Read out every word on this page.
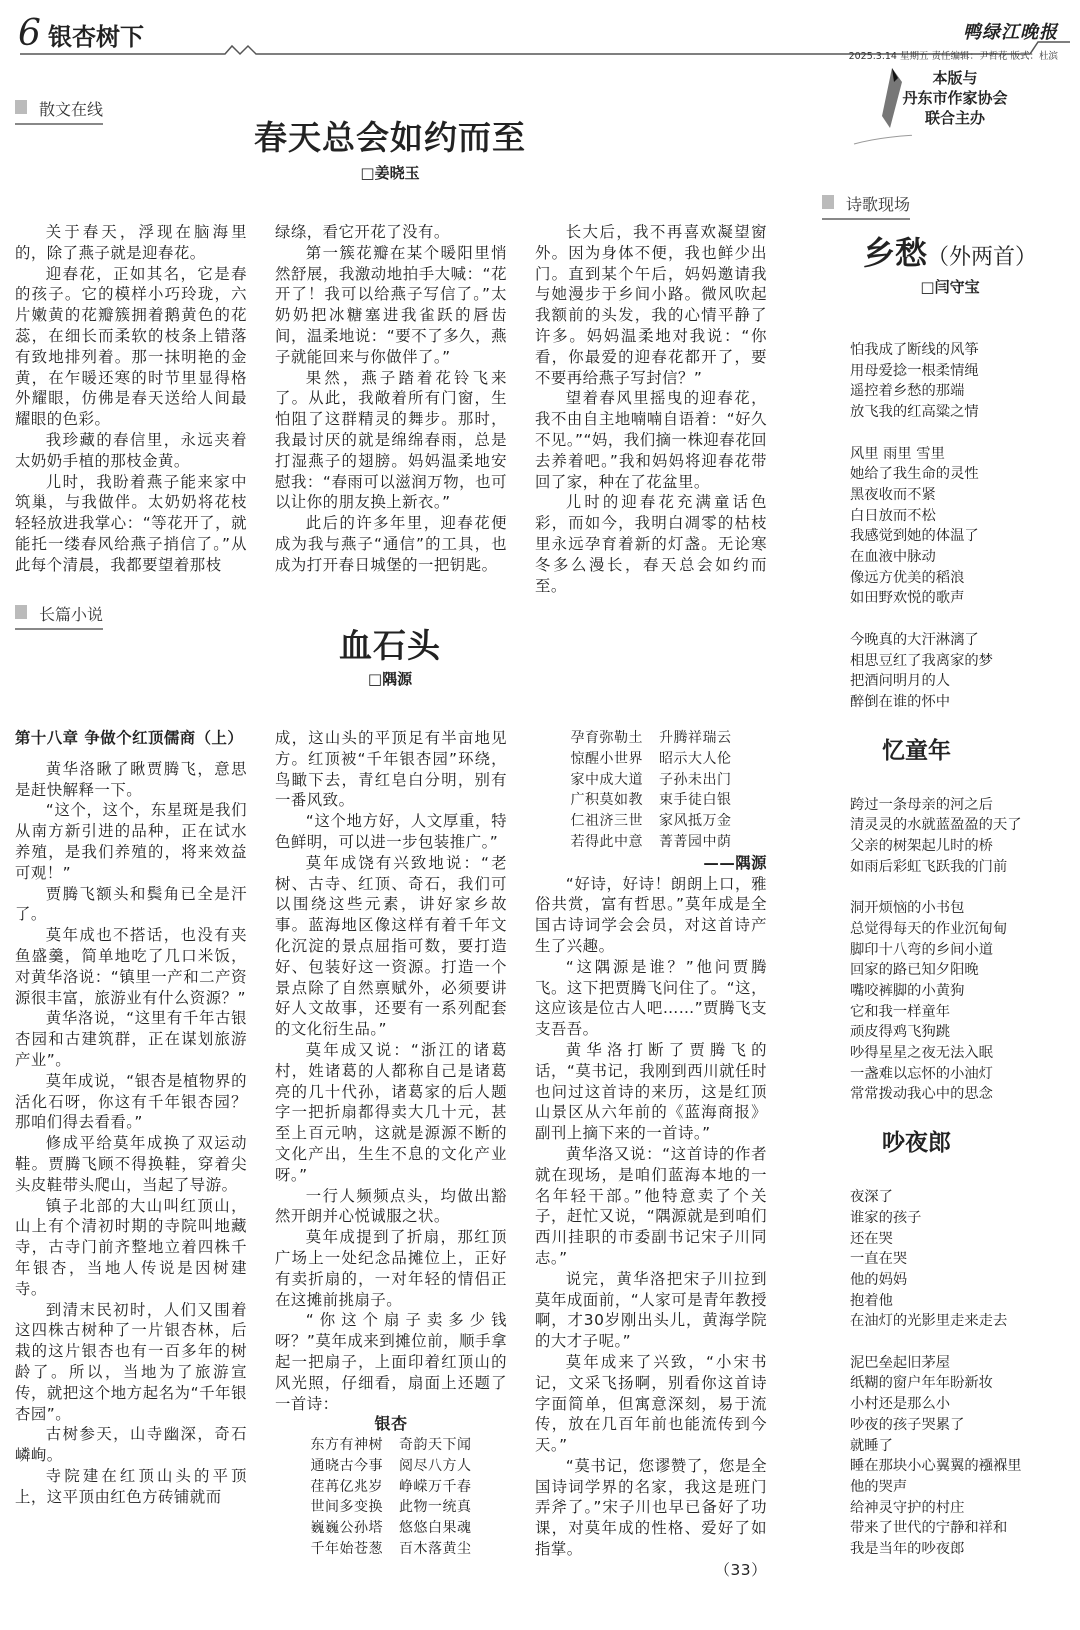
6 银杏树下	鸭绿江晚报
2025.3.14 星期五 责任编辑：尹哲花 版式：杜滨
本版与
丹东市作家协会
联合主办
散文在线
春天总会如约而至
□姜晓玉

关于春天，浮现在脑海里的，除了燕子就是迎春花。

迎春花，正如其名，它是春的孩子。它的模样小巧玲珑，六片嫩黄的花瓣簇拥着鹅黄色的花蕊，在细长而柔软的枝条上错落有致地排列着。那一抹明艳的金黄，在乍暖还寒的时节里显得格外耀眼，仿佛是春天送给人间最耀眼的色彩。

我珍藏的春信里，永远夹着太奶奶手植的那枝金黄。

儿时，我盼着燕子能来家中筑巢，与我做伴。太奶奶将花枝轻轻放进我掌心：“等花开了，就能托一缕春风给燕子捎信了。”从此每个清晨，我都要望着那枝

绿绦，看它开花了没有。

第一簇花瓣在某个暖阳里悄然舒展，我激动地拍手大喊：“花开了！我可以给燕子写信了。”太奶奶把冰糖塞进我雀跃的唇齿间，温柔地说：“要不了多久，燕子就能回来与你做伴了。”

果然，燕子踏着花铃飞来了。从此，我敞着所有门窗，生怕阻了这群精灵的舞步。那时，我最讨厌的就是绵绵春雨，总是打湿燕子的翅膀。妈妈温柔地安慰我：“春雨可以滋润万物，也可以让你的朋友换上新衣。”

此后的许多年里，迎春花便成为我与燕子“通信”的工具，也成为打开春日城堡的一把钥匙。

长大后，我不再喜欢凝望窗外。因为身体不便，我也鲜少出门。直到某个午后，妈妈邀请我与她漫步于乡间小路。微风吹起我额前的头发，我的心情平静了许多。妈妈温柔地对我说：“你看，你最爱的迎春花都开了，要不要再给燕子写封信？”

望着春风里摇曳的迎春花，我不由自主地喃喃自语着：“好久不见。”“妈，我们摘一株迎春花回去养着吧。”我和妈妈将迎春花带回了家，种在了花盆里。

儿时的迎春花充满童话色彩，而如今，我明白凋零的枯枝里永远孕育着新的灯盏。无论寒冬多么漫长，春天总会如约而至。

诗歌现场
乡愁（外两首）
□闫守宝
怕我成了断线的风筝
用母爱捻一根柔情绳
遥控着乡愁的那端
放飞我的红高粱之情
风里 雨里 雪里
她给了我生命的灵性
黑夜收而不紧
白日放而不松
我感觉到她的体温了
在血液中脉动
像远方优美的稻浪
如田野欢悦的歌声
今晚真的大汗淋漓了
相思豆红了我离家的梦
把酒问明月的人
醉倒在谁的怀中
忆童年
跨过一条母亲的河之后
清灵灵的水就蓝盈盈的天了
父亲的树架起儿时的桥
如雨后彩虹飞跃我的门前
洞开烦恼的小书包
总觉得每天的作业沉甸甸
脚印十八弯的乡间小道
回家的路已知夕阳晚
嘴咬裤脚的小黄狗
它和我一样童年
顽皮得鸡飞狗跳
吵得星星之夜无法入眠
一盏难以忘怀的小油灯
常常拨动我心中的思念
吵夜郎
夜深了
谁家的孩子
还在哭
一直在哭
他的妈妈
抱着他
在油灯的光影里走来走去
泥巴垒起旧茅屋
纸糊的窗户年年盼新妆
小村还是那么小
吵夜的孩子哭累了
就睡了
睡在那块小心翼翼的襁褓里
他的哭声
给神灵守护的村庄
带来了世代的宁静和祥和
我是当年的吵夜郎
长篇小说
血石头
□隅源

第十八章 争做个红顶儒商（上）

黄华洛瞅了瞅贾腾飞，意思是赶快解释一下。

“这个，这个，东星斑是我们从南方新引进的品种，正在试水养殖，是我们养殖的，将来效益可观！”

贾腾飞额头和鬓角已全是汗了。

莫年成也不搭话，也没有夹鱼盛羹，简单地吃了几口米饭，对黄华洛说：“镇里一产和二产资源很丰富，旅游业有什么资源？”

黄华洛说，“这里有千年古银杏园和古建筑群，正在谋划旅游产业”。

莫年成说，“银杏是植物界的活化石呀，你这有千年银杏园？那咱们得去看看。”

修成平给莫年成换了双运动鞋。贾腾飞顾不得换鞋，穿着尖头皮鞋带头爬山，当起了导游。

镇子北部的大山叫红顶山，山上有个清初时期的寺院叫地藏寺，古寺门前齐整地立着四株千年银杏，当地人传说是因树建寺。

到清末民初时，人们又围着这四株古树种了一片银杏林，后栽的这片银杏也有一百多年的树龄了。所以，当地为了旅游宣传，就把这个地方起名为“千年银杏园”。

古树参天，山寺幽深，奇石嶙峋。

寺院建在红顶山头的平顶上，这平顶由红色方砖铺就而

成，这山头的平顶足有半亩地见方。红顶被“千年银杏园”环绕，鸟瞰下去，青红皂白分明，别有一番风致。

“这个地方好，人文厚重，特色鲜明，可以进一步包装推广。”

莫年成饶有兴致地说：“老树、古寺、红顶、奇石，我们可以围绕这些元素，讲好家乡故事。蓝海地区像这样有着千年文化沉淀的景点屈指可数，要打造好、包装好这一资源。打造一个景点除了自然禀赋外，必须要讲好人文故事，还要有一系列配套的文化衍生品。”

莫年成又说：“浙江的诸葛村，姓诸葛的人都称自己是诸葛亮的几十代孙，诸葛家的后人题字一把折扇都得卖大几十元，甚至上百元呐，这就是源源不断的文化产出，生生不息的文化产业呀。”

一行人频频点头，均做出豁然开朗并心悦诚服之状。

莫年成提到了折扇，那红顶广场上一处纪念品摊位上，正好有卖折扇的，一对年轻的情侣正在这摊前挑扇子。

“你这个扇子卖多少钱呀？”莫年成来到摊位前，顺手拿起一把扇子，上面印着红顶山的风光照，仔细看，扇面上还题了一首诗：

银杏

东方有神树 奇韵天下闻

通晓古今事 阅尽八方人

荏苒亿兆岁 峥嵘万千春

世间多变换 此物一统真

巍巍公孙塔 悠悠白果魂

千年始苍葱 百木落黄尘

孕育弥勒土 升腾祥瑞云

惊醒小世界 昭示大人伦

家中成大道 子孙未出门

广积莫如教 束手徒白银

仁祖济三世 家风抵万金

若得此中意 菁菁园中荫

——隅源

“好诗，好诗！朗朗上口，雅俗共赏，富有哲思。”莫年成是全国古诗词学会会员，对这首诗产生了兴趣。

“这隅源是谁？”他问贾腾飞。这下把贾腾飞问住了。“这，这应该是位古人吧……”贾腾飞支支吾吾。

黄华洛打断了贾腾飞的话，“莫书记，我刚到西川就任时也问过这首诗的来历，这是红顶山景区从六年前的《蓝海商报》副刊上摘下来的一首诗。”

黄华洛又说：“这首诗的作者就在现场，是咱们蓝海本地的一名年轻干部。”他特意卖了个关子，赶忙又说，“隅源就是到咱们西川挂职的市委副书记宋子川同志。”

说完，黄华洛把宋子川拉到莫年成面前，“人家可是青年教授啊，才30岁刚出头儿，黄海学院的大才子呢。”

莫年成来了兴致，“小宋书记，文采飞扬啊，别看你这首诗字面简单，但寓意深刻，易于流传，放在几百年前也能流传到今天。”

“莫书记，您谬赞了，您是全国诗词学界的名家，我这是班门弄斧了。”宋子川也早已备好了功课，对莫年成的性格、爱好了如指掌。

（33）
